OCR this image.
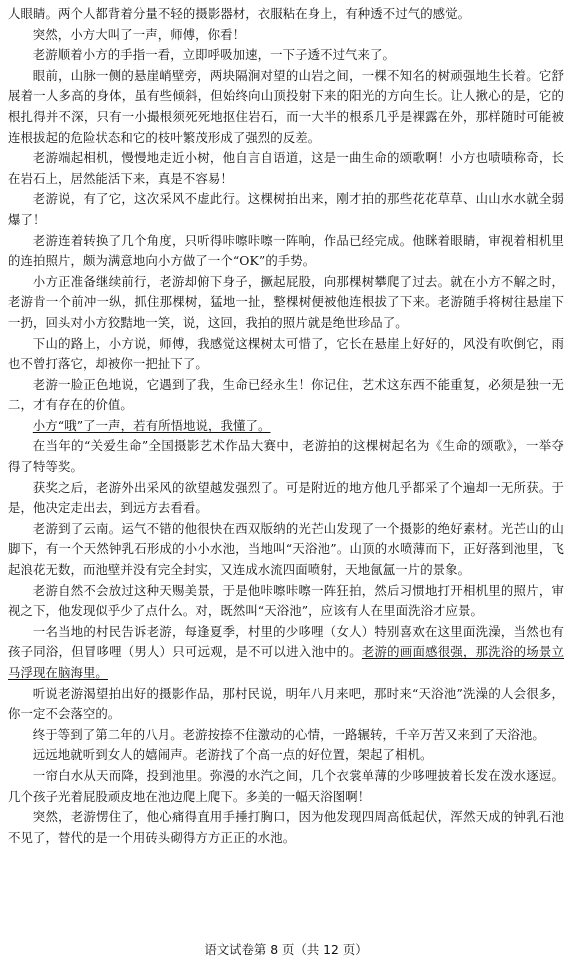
人眼睛。两个人都背着分量不轻的摄影器材，衣服粘在身上，有种透不过气的感觉。

突然，小方大叫了一声，师傅，你看！

老游顺着小方的手指一看，立即呼吸加速，一下子透不过气来了。

眼前，山脉一侧的悬崖峭壁旁，两块隔涧对望的山岩之间，一棵不知名的树顽强地生长着。它舒展着一人多高的身体，虽有些倾斜，但始终向山顶投射下来的阳光的方向生长。让人揪心的是，它的根扎得并不深，只有一小撮根须死死地抠住岩石，而一大半的根系几乎是裸露在外，那样随时可能被连根拔起的危险状态和它的枝叶繁茂形成了强烈的反差。

老游端起相机，慢慢地走近小树，他自言自语道，这是一曲生命的颂歌啊！小方也啧啧称奇，长在岩石上，居然能活下来，真是不容易！

老游说，有了它，这次采风不虚此行。这棵树拍出来，刚才拍的那些花花草草、山山水水就全弱爆了！

老游连着转换了几个角度，只听得咔嚓咔嚓一阵响，作品已经完成。他眯着眼睛，审视着相机里的连拍照片，颇为满意地向小方做了一个“OK”的手势。

小方正准备继续前行，老游却俯下身子，撅起屁股，向那棵树攀爬了过去。就在小方不解之时，老游肯一个前冲一纵，抓住那棵树，猛地一扯，整棵树便被他连根拔了下来。老游随手将树往悬崖下一扔，回头对小方狡黠地一笑，说，这回，我拍的照片就是绝世珍品了。

下山的路上，小方说，师傅，我感觉这棵树太可惜了，它长在悬崖上好好的，风没有吹倒它，雨也不曾打落它，却被你一把扯下了。

老游一脸正色地说，它遇到了我，生命已经永生！你记住，艺术这东西不能重复，必须是独一无二，才有存在的价值。

小方“哦”了一声，若有所悟地说，我懂了。

在当年的“关爱生命”全国摄影艺术作品大赛中，老游拍的这棵树起名为《生命的颂歌》，一举夺得了特等奖。

获奖之后，老游外出采风的欲望越发强烈了。可是附近的地方他几乎都采了个遍却一无所获。于是，他决定走出去，到远方去看看。

老游到了云南。运气不错的他很快在西双版纳的光芒山发现了一个摄影的绝好素材。光芒山的山脚下，有一个天然钟乳石形成的小小水池，当地叫“天浴池”。山顶的水喷薄而下，正好落到池里，飞起浪花无数，而池壁并没有完全封实，又连成水流四面喷射，天地氤氲一片的景象。

老游自然不会放过这种天赐美景，于是他咔嚓咔嚓一阵狂拍，然后习惯地打开相机里的照片，审视之下，他发现似乎少了点什么。对，既然叫“天浴池”，应该有人在里面洗浴才应景。

一名当地的村民告诉老游，每逢夏季，村里的少哆哩（女人）特别喜欢在这里面洗澡，当然也有孩子同浴，但冒哆哩（男人）只可远观，是不可以进入池中的。老游的画面感很强，那洗浴的场景立马浮现在脑海里。

听说老游渴望拍出好的摄影作品，那村民说，明年八月来吧，那时来“天浴池”洗澡的人会很多，你一定不会落空的。

终于等到了第二年的八月。老游按捺不住激动的心情，一路辗转，千辛万苦又来到了天浴池。

远远地就听到女人的嬉闹声。老游找了个高一点的好位置，架起了相机。

一帘白水从天而降，投到池里。弥漫的水汽之间，几个衣裳单薄的少哆哩披着长发在泼水逐逗。几个孩子光着屁股顽皮地在池边爬上爬下。多美的一幅天浴图啊！

突然，老游愣住了，他心痛得直用手捶打胸口，因为他发现四周高低起伏，浑然天成的钟乳石池不见了，替代的是一个用砖头砌得方方正正的水池。

语文试卷第 8 页（共 12 页）
